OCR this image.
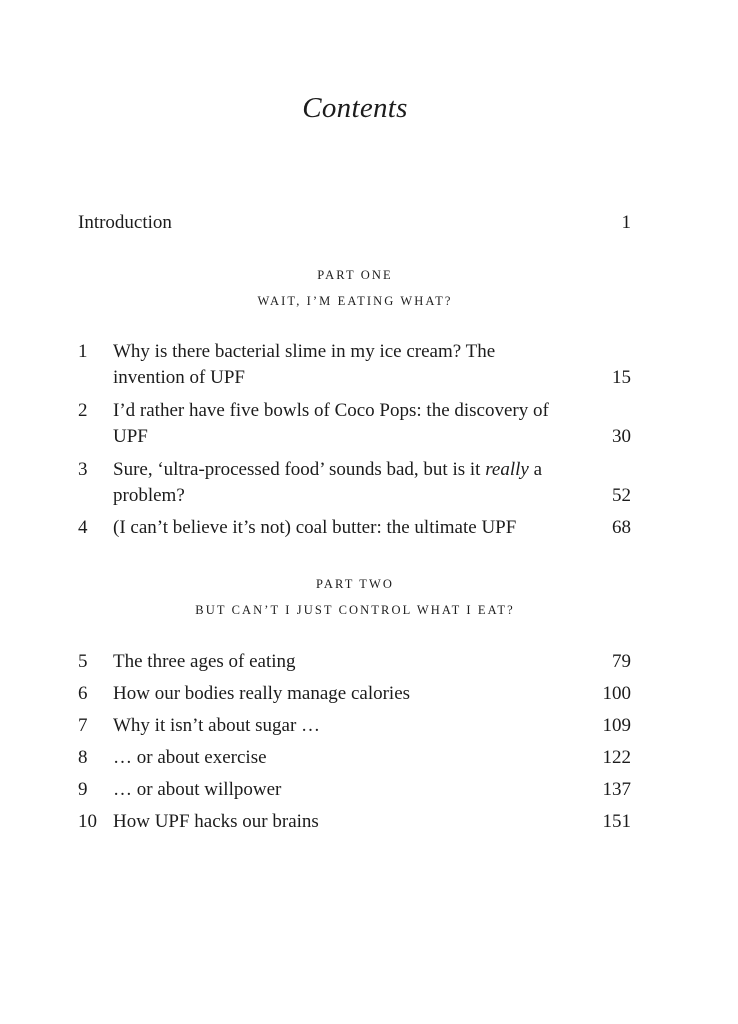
Contents
Introduction	1
PART ONE
WAIT, I’M EATING WHAT?
1	Why is there bacterial slime in my ice cream? The invention of UPF	15
2	I’d rather have five bowls of Coco Pops: the discovery of UPF	30
3	Sure, ‘ultra-processed food’ sounds bad, but is it really a problem?	52
4	(I can’t believe it’s not) coal butter: the ultimate UPF	68
PART TWO
BUT CAN’T I JUST CONTROL WHAT I EAT?
5	The three ages of eating	79
6	How our bodies really manage calories	100
7	Why it isn’t about sugar …	109
8	… or about exercise	122
9	… or about willpower	137
10 How UPF hacks our brains	151
